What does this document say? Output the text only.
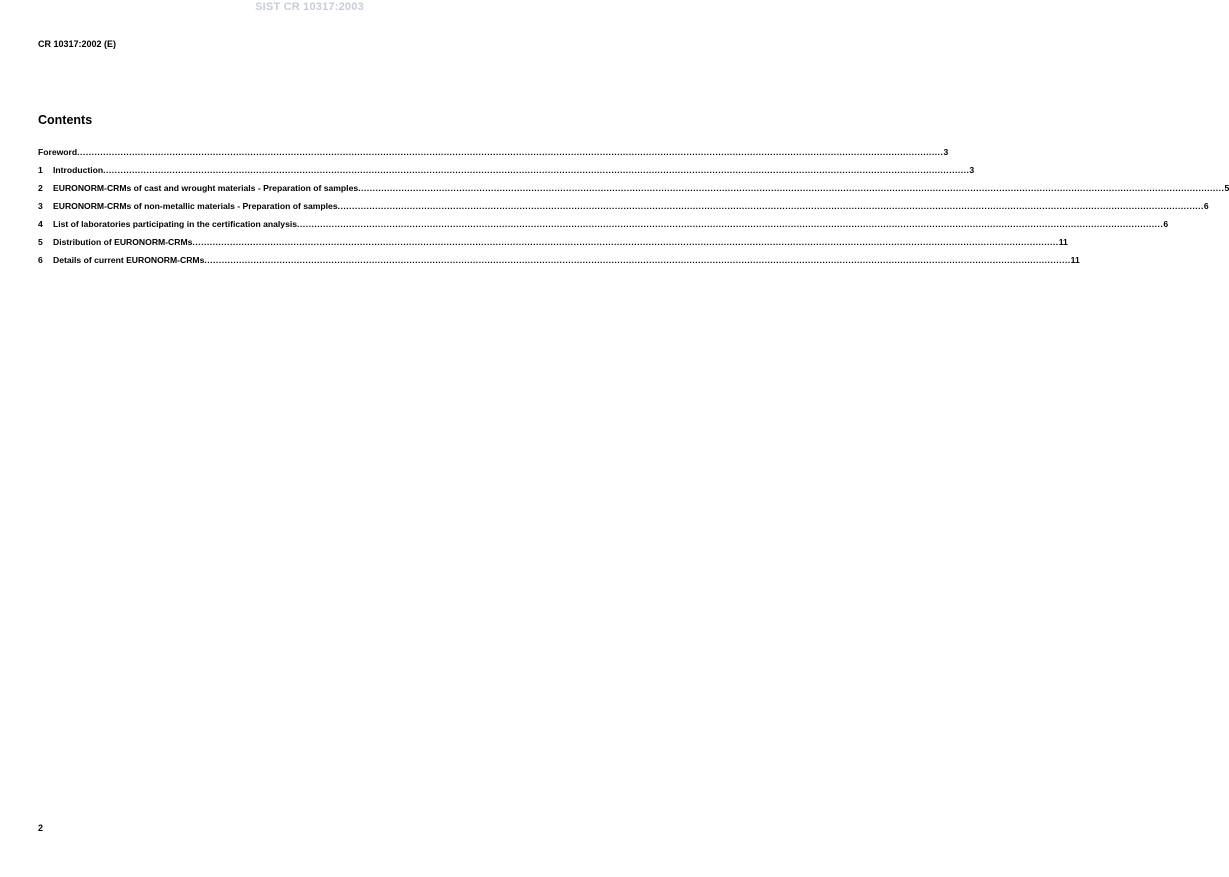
SIST CR 10317:2003
CR 10317:2002 (E)
Contents
Foreword ............................................................................................................................................................................................................................................................................................................ 3
1	Introduction ............................................................................................................................................................................................................................................................................................................ 3
2	EURONORM-CRMs of cast and wrought materials - Preparation of samples ............................................................................................................................................................................................................................................................................................................ 5
3	EURONORM-CRMs of non-metallic materials - Preparation of samples ............................................................................................................................................................................................................................................................................................................ 6
4	List of laboratories participating in the certification analysis ............................................................................................................................................................................................................................................................................................................ 6
5	Distribution of EURONORM-CRMs ............................................................................................................................................................................................................................................................................................................ 11
6	Details of current EURONORM-CRMs ............................................................................................................................................................................................................................................................................................................ 11
2
